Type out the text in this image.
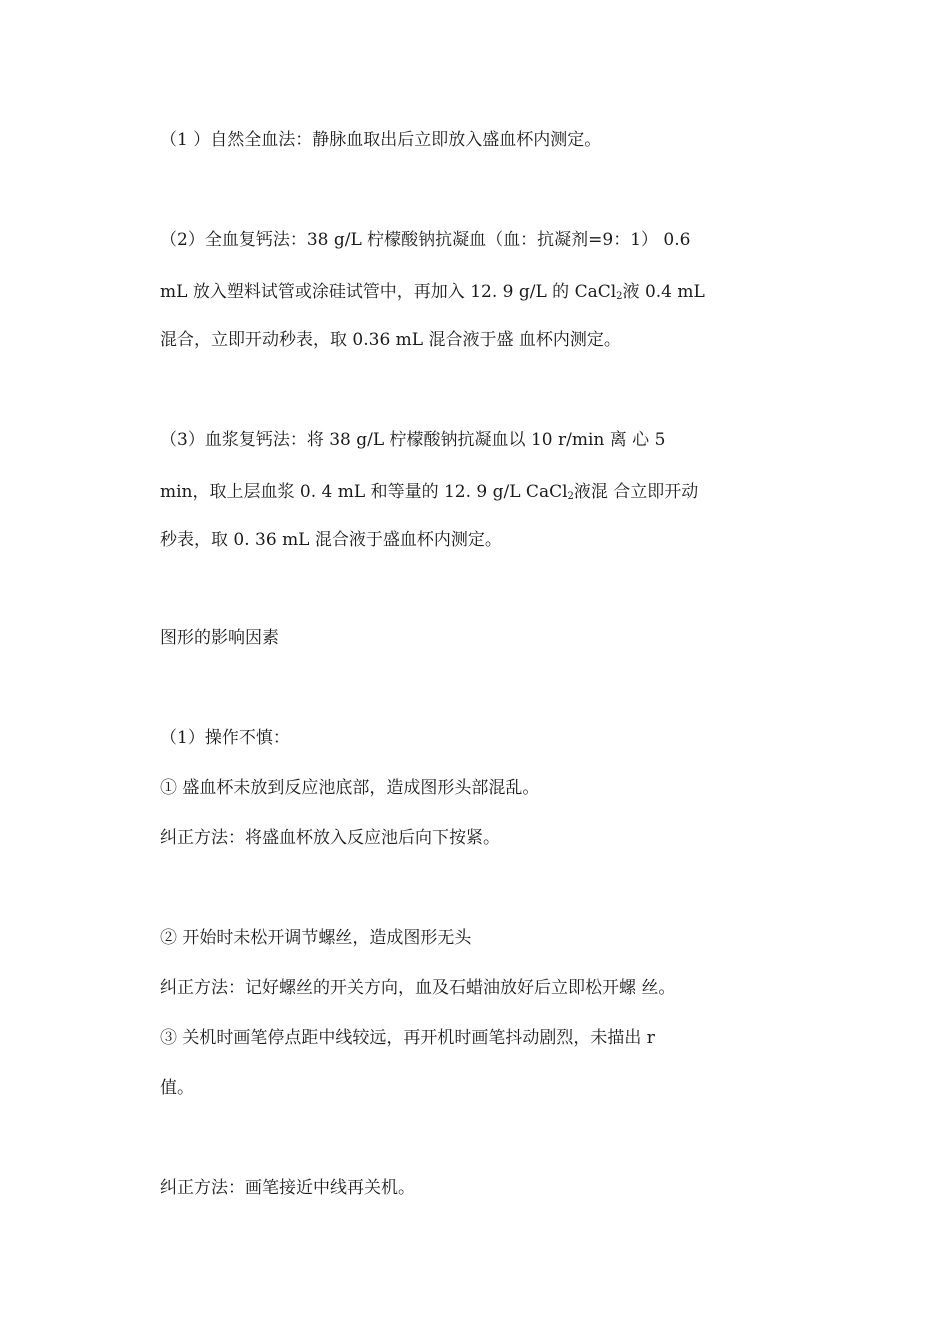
（1 ）自然全血法：静脉血取出后立即放入盛血杯内测定。
（2）全血复钙法：38 g/L 柠檬酸钠抗凝血（血：抗凝剂=9：1） 0.6
mL 放入塑料试管或涂硅试管中，再加入 12. 9 g/L 的 CaCl$_2$液 0.4 mL
混合，立即开动秒表，取 0.36 mL 混合液于盛 血杯内测定。
（3）血浆复钙法：将 38 g/L 柠檬酸钠抗凝血以 10 r/min 离 心 5
min，取上层血浆 0. 4 mL 和等量的 12. 9 g/L CaCl$_2$液混 合立即开动
秒表，取 0. 36 mL 混合液于盛血杯内测定。
图形的影响因素
（1）操作不慎：
① 盛血杯未放到反应池底部，造成图形头部混乱。
纠正方法：将盛血杯放入反应池后向下按紧。
② 开始时未松开调节螺丝，造成图形无头
纠正方法：记好螺丝的开关方向，血及石蜡油放好后立即松开螺 丝。
③ 关机时画笔停点距中线较远，再开机时画笔抖动剧烈，未描出 r
值。
纠正方法：画笔接近中线再关机。
